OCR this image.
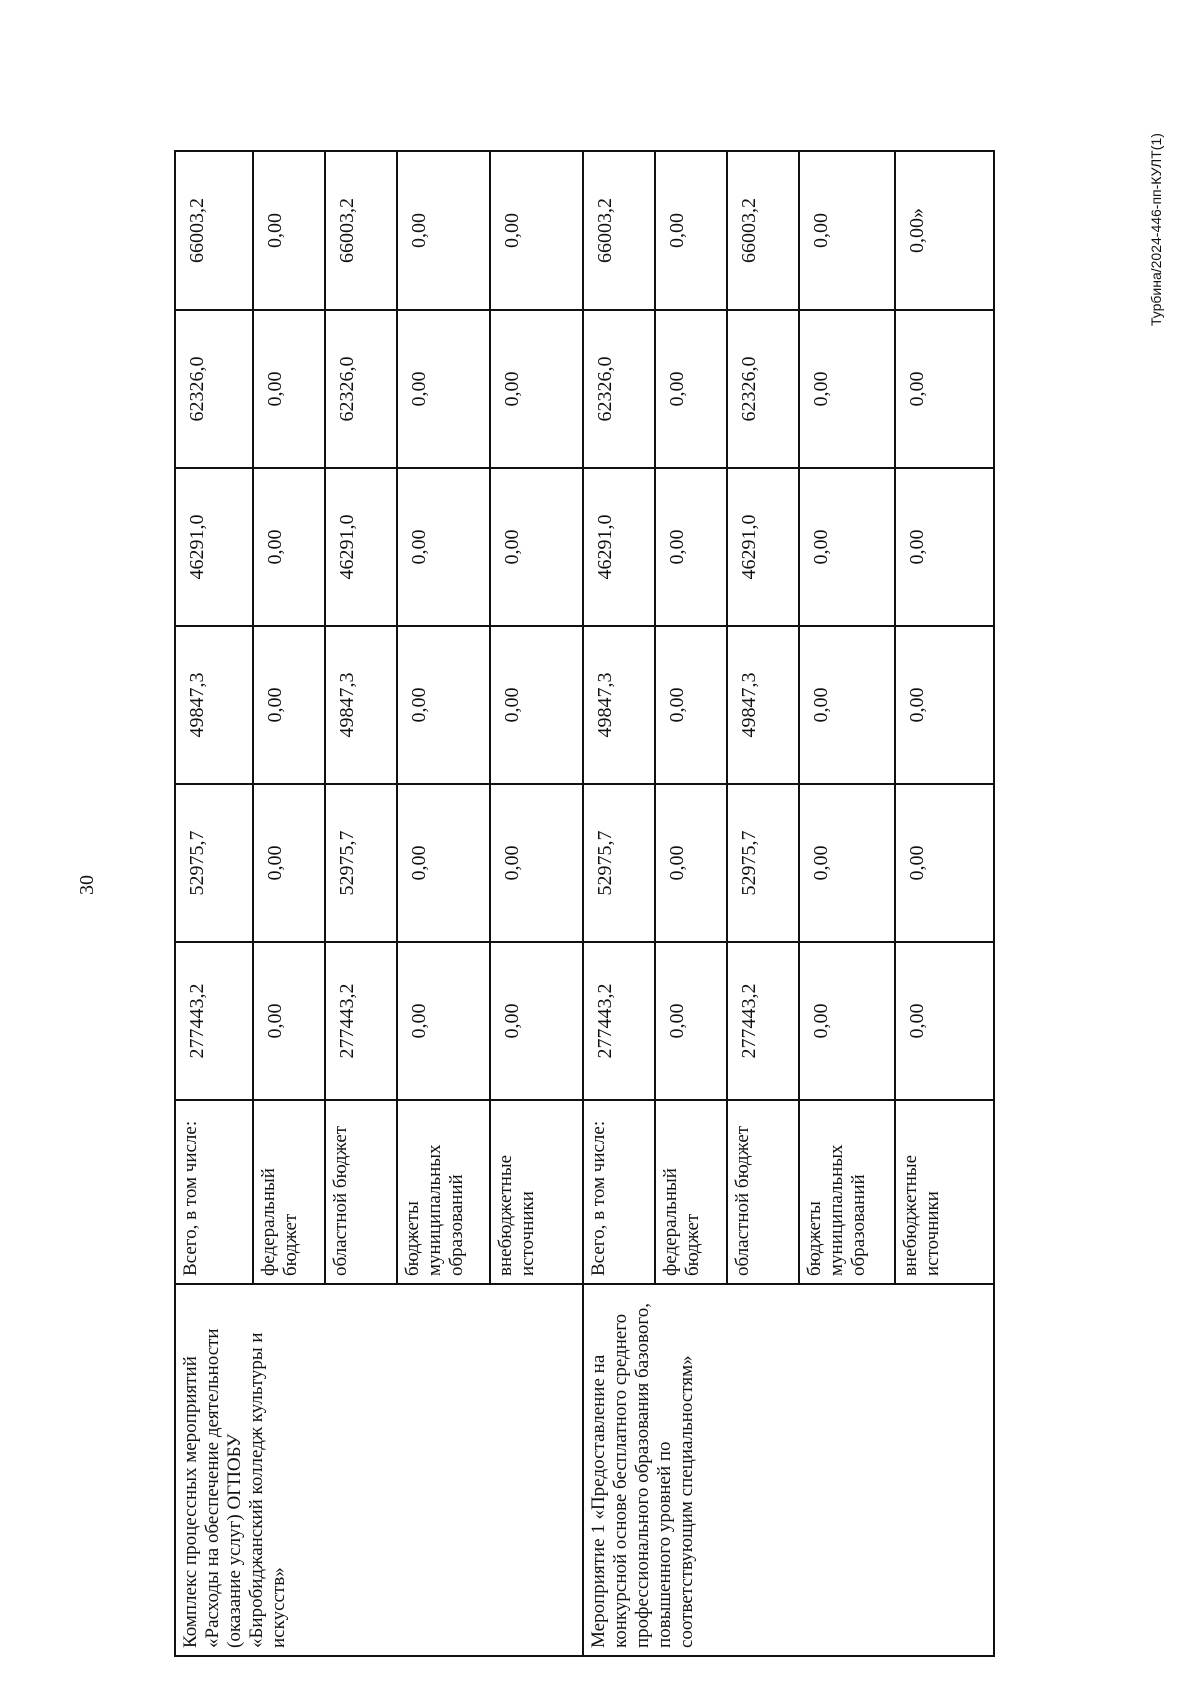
30
Турбина/2024-446-пп-КУЛТ(1)
Комплекс процессных мероприятий «Расходы на обеспечение деятельности (оказание услуг) ОГПОБУ «Биробиджанский колледж культуры и искусств»	Всего, в том числе:	277443,2	52975,7	49847,3	46291,0	62326,0	66003,2
	федеральный бюджет	0,00	0,00	0,00	0,00	0,00	0,00
	областной бюджет	277443,2	52975,7	49847,3	46291,0	62326,0	66003,2
	бюджеты муниципальных образований	0,00	0,00	0,00	0,00	0,00	0,00
	внебюджетные источники	0,00	0,00	0,00	0,00	0,00	0,00
Мероприятие 1 «Предоставление на конкурсной основе бесплатного среднего профессионального образования базового, повышенного уровней по соответствующим специальностям»	Всего, в том числе:	277443,2	52975,7	49847,3	46291,0	62326,0	66003,2
	федеральный бюджет	0,00	0,00	0,00	0,00	0,00	0,00
	областной бюджет	277443,2	52975,7	49847,3	46291,0	62326,0	66003,2
	бюджеты муниципальных образований	0,00	0,00	0,00	0,00	0,00	0,00
	внебюджетные источники	0,00	0,00	0,00	0,00	0,00	0,00»
